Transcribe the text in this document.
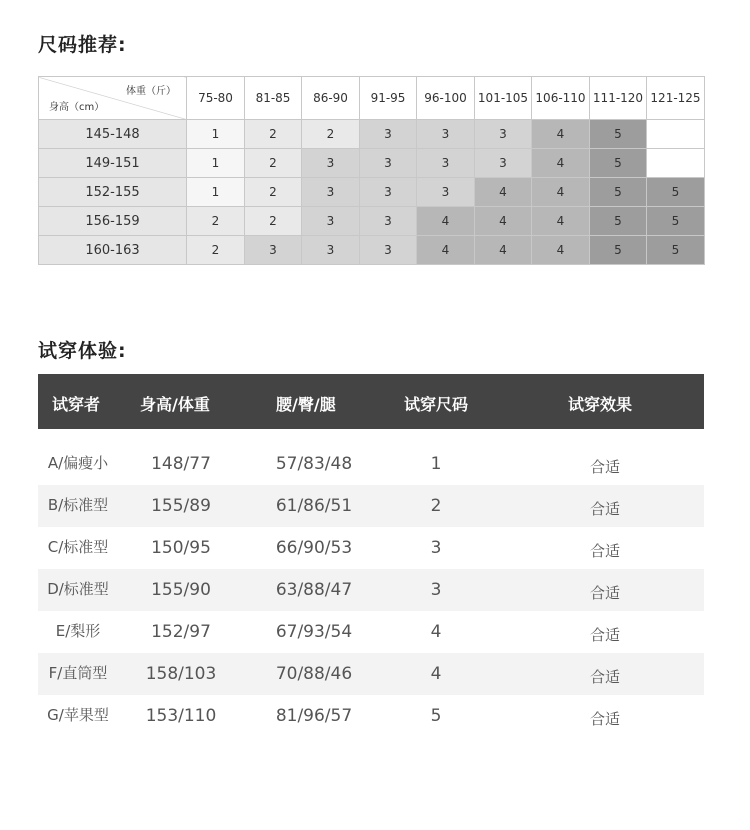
尺码推荐:
体重（斤）
身高（cm）	75-80	81-85	86-90	91-95	96-100	101-105	106-110	111-120	121-125
145-148	1	2	2	3	3	3	4	5	
149-151	1	2	3	3	3	3	4	5	
152-155	1	2	3	3	3	4	4	5	5
156-159	2	2	3	3	4	4	4	5	5
160-163	2	3	3	3	4	4	4	5	5
试穿体验:
试穿者 身高/体重	腰/臀/腿	试穿尺码	试穿效果
A/偏瘦小	148/77	57/83/48	1	合适
B/标准型	155/89	61/86/51	2	合适
C/标准型	150/95	66/90/53	3	合适
D/标准型 155/90	63/88/47	3	合适
E/梨形	152/97	67/93/54	4	合适
F/直筒型 158/103	70/88/46	4	合适
G/苹果型 153/110	81/96/57	5	合适
